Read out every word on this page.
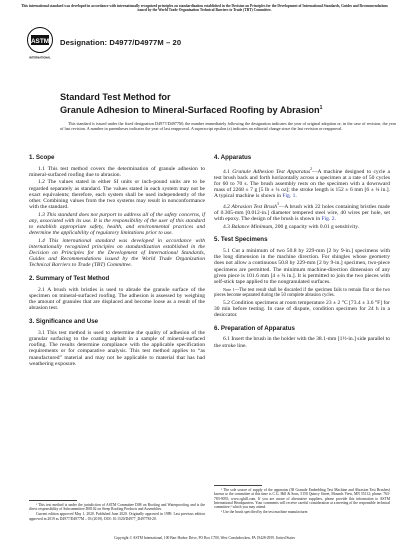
This international standard was developed in accordance with internationally recognized principles on standardization established in the Decision on Principles for the Development of International Standards, Guides and Recommendations issued by the World Trade Organization Technical Barriers to Trade (TBT) Committee.
ASTM
INTERNATIONAL
Designation: D4977/D4977M – 20
Standard Test Method for
Granule Adhesion to Mineral-Surfaced Roofing by Abrasion$^1$

This standard is issued under the fixed designation D4977/D4977M; the number immediately following the designation indicates the year of original adoption or, in the case of revision, the year of last revision. A number in parentheses indicates the year of last reapproval. A superscript epsilon (ε) indicates an editorial change since the last revision or reapproval.

1. Scope

1.1 This test method covers the determination of granule adhesion to mineral-surfaced roofing due to abrasion.

1.2 The values stated in either SI units or inch-pound units are to be regarded separately as standard. The values stated in each system may not be exact equivalents; therefore, each system shall be used independently of the other. Combining values from the two systems may result in nonconformance with the standard.

1.3 This standard does not purport to address all of the safety concerns, if any, associated with its use. It is the responsibility of the user of this standard to establish appropriate safety, health, and environmental practices and determine the applicability of regulatory limitations prior to use.

1.4 This international standard was developed in accordance with internationally recognized principles on standardization established in the Decision on Principles for the Development of International Standards, Guides and Recommendations issued by the World Trade Organization Technical Barriers to Trade (TBT) Committee.

2. Summary of Test Method

2.1 A brush with bristles is used to abrade the granule surface of the specimen on mineral-surfaced roofing. The adhesion is assessed by weighing the amount of granules that are displaced and become loose as a result of the abrasion test.

3. Significance and Use

3.1 This test method is used to determine the quality of adhesion of the granular surfacing to the coating asphalt in a sample of mineral-surfaced roofing. The results determine compliance with the applicable specification requirements or for comparative analysis. This test method applies to “as manufactured” material and may not be applicable to material that has had weathering exposure.

4. Apparatus

4.1 Granule Adhesion Test Apparatus$^2$—A machine designed to cycle a test brush back and forth horizontally across a specimen at a rate of 50 cycles for 60 to 70 s. The brush assembly rests on the specimen with a downward mass of 2268 ± 7 g [5 lb ± ¼ oz]; the stroke length is 152 ± 6 mm [6 ± ¼ in.]. A typical machine is shown in Fig. 1.

4.2 Abrasion Test Brush$^3$—A brush with 22 holes containing bristles made of 0.305-mm [0.012-in.] diameter tempered steel wire, 40 wires per hole, set with epoxy. The design of the brush is shown in Fig. 2.

4.3 Balance Minimum, 200 g capacity with 0.01 g sensitivity.

5. Test Specimens

5.1 Cut a minimum of two 50.8 by 229-mm [2 by 9-in.] specimens with the long dimension in the machine direction. For shingles whose geometry does not allow a continuous 50.8 by 229-mm [2 by 9-in.] specimen, two-piece specimens are permitted. The minimum machine-direction dimension of any given piece is 101.6 mm [4 ± ¼ in.]. It is permitted to join the two pieces with self-stick tape applied to the nongranulated surfaces.

Note 1—The test result shall be discarded if the specimen fails to remain flat or the two pieces become separated during the 50 complete abrasion cycles.

5.2 Condition specimens at room temperature 23 ± 2 °C [73.4 ± 3.6 °F] for 30 min before testing. In case of dispute, condition specimen for 24 h in a desiccator.

6. Preparation of Apparatus

6.1 Insert the brush in the holder with the 38.1-mm [1½-in.] side parallel to the stroke line.

¹ This test method is under the jurisdiction of ASTM Committee D08 on Roofing and Waterproofing and is the direct responsibility of Subcommittee D08.02 on Steep Roofing Products and Assemblies.

Current edition approved May 1, 2020. Published June 2020. Originally approved in 1989. Last previous edition approved in 2019 as D4977/D4977M – 03 (2019). DOI: 10.1520/D4977_D4977M-20.

² The sole source of supply of the apparatus (38 Granule Embedding Test Machine and Abrasion Test Brushes) known to the committee at this time is C.G. Hill & Sons, 5150 Quincy Street, Mounds View, MN 55112; phone: 763-783-9055; www.cghill.com. If you are aware of alternative suppliers, please provide this information to ASTM International Headquarters. Your comments will receive careful consideration at a meeting of the responsible technical committee,¹ which you may attend.

³ Use the brush specified by the test machine manufacturer.

Copyright © ASTM International, 100 Barr Harbor Drive, PO Box C700, West Conshohocken, PA 19428-2959. United States
